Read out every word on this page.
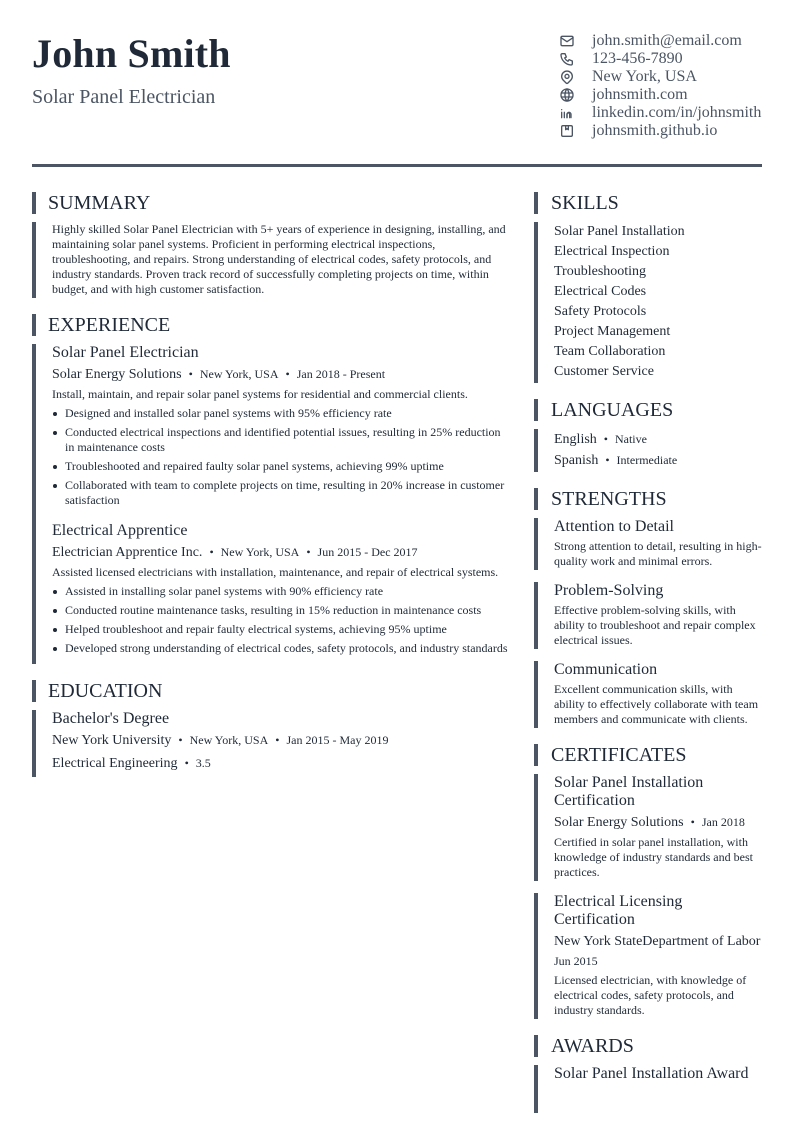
John Smith
Solar Panel Electrician
john.smith@email.com
123-456-7890
New York, USA
johnsmith.com
linkedin.com/in/johnsmith
johnsmith.github.io
SUMMARY
Highly skilled Solar Panel Electrician with 5+ years of experience in designing, installing, and maintaining solar panel systems. Proficient in performing electrical inspections, troubleshooting, and repairs. Strong understanding of electrical codes, safety protocols, and industry standards. Proven track record of successfully completing projects on time, within budget, and with high customer satisfaction.
EXPERIENCE
Solar Panel Electrician
Solar Energy Solutions • New York, USA • Jan 2018 - Present
Install, maintain, and repair solar panel systems for residential and commercial clients.
Designed and installed solar panel systems with 95% efficiency rate
Conducted electrical inspections and identified potential issues, resulting in 25% reduction in maintenance costs
Troubleshooted and repaired faulty solar panel systems, achieving 99% uptime
Collaborated with team to complete projects on time, resulting in 20% increase in customer satisfaction
Electrical Apprentice
Electrician Apprentice Inc. • New York, USA • Jun 2015 - Dec 2017
Assisted licensed electricians with installation, maintenance, and repair of electrical systems.
Assisted in installing solar panel systems with 90% efficiency rate
Conducted routine maintenance tasks, resulting in 15% reduction in maintenance costs
Helped troubleshoot and repair faulty electrical systems, achieving 95% uptime
Developed strong understanding of electrical codes, safety protocols, and industry standards
EDUCATION
Bachelor's Degree
New York University • New York, USA • Jan 2015 - May 2019
Electrical Engineering • 3.5
SKILLS
Solar Panel Installation
Electrical Inspection
Troubleshooting
Electrical Codes
Safety Protocols
Project Management
Team Collaboration
Customer Service
LANGUAGES
English • Native
Spanish • Intermediate
STRENGTHS
Attention to Detail
Strong attention to detail, resulting in high-quality work and minimal errors.
Problem-Solving
Effective problem-solving skills, with ability to troubleshoot and repair complex electrical issues.
Communication
Excellent communication skills, with ability to effectively collaborate with team members and communicate with clients.
CERTIFICATES
Solar Panel Installation Certification
Solar Energy Solutions • Jan 2018
Certified in solar panel installation, with knowledge of industry standards and best practices.
Electrical Licensing Certification
New York StateDepartment of Labor
Jun 2015
Licensed electrician, with knowledge of electrical codes, safety protocols, and industry standards.
AWARDS
Solar Panel Installation Award
